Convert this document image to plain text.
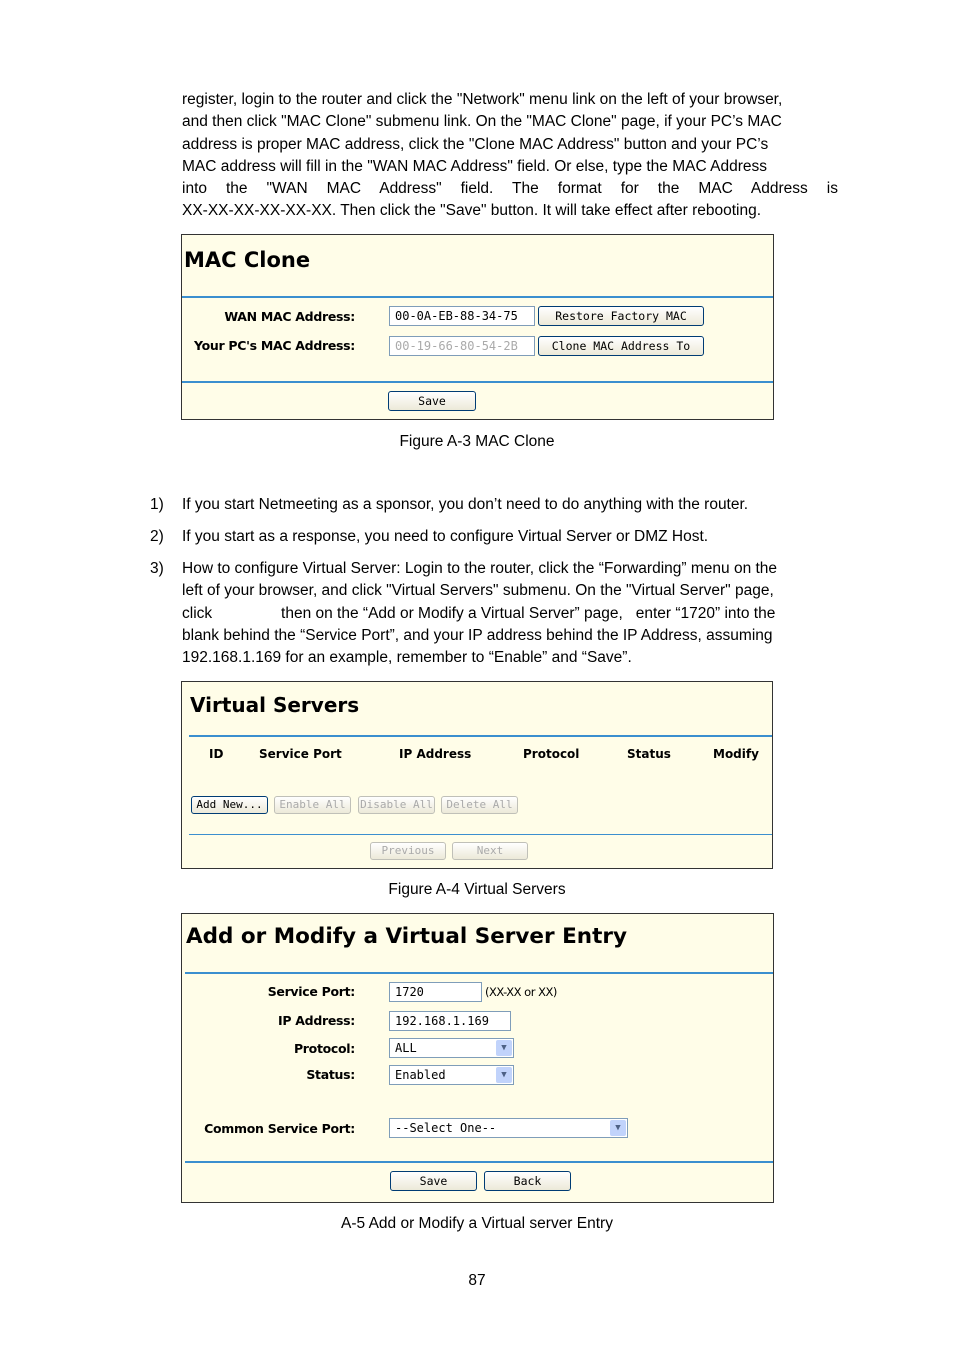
register, login to the router and click the "Network" menu link on the left of your browser,
and then click "MAC Clone" submenu link. On the "MAC Clone" page, if your PC’s MAC
address is proper MAC address, click the "Clone MAC Address" button and your PC’s
MAC address will fill in the "WAN MAC Address" field. Or else, type the MAC Address
into the "WAN MAC Address" field. The format for the MAC Address is
XX-XX-XX-XX-XX-XX. Then click the "Save" button. It will take effect after rebooting.
MAC Clone
WAN MAC Address:	00-0A-EB-88-34-75	Restore Factory MAC
Your PC's MAC Address:	00-19-66-80-54-2B	Clone MAC Address To
Save
Figure A-3 MAC Clone
1) If you start Netmeeting as a sponsor, you don’t need to do anything with the router.
2) If you start as a response, you need to configure Virtual Server or DMZ Host.
3) How to configure Virtual Server: Login to the router, click the “Forwarding” menu on the
left of your browser, and click "Virtual Servers" submenu. On the "Virtual Server" page,
click                then on the “Add or Modify a Virtual Server” page,   enter “1720” into the
blank behind the “Service Port”, and your IP address behind the IP Address, assuming
192.168.1.169 for an example, remember to “Enable” and “Save”.
Virtual Servers
ID	Service Port	IP Address	Protocol	Status	Modify
Add New...	Enable All	Disable All	Delete All
Previous	Next
Figure A-4 Virtual Servers
Add or Modify a Virtual Server Entry
Service Port:	1720	(XX-XX or XX)
IP Address:	192.168.1.169
Protocol:	ALL	▼
Status:	Enabled	▼
Common Service Port:	--Select One--	▼
Save	Back
A-5 Add or Modify a Virtual server Entry
87
